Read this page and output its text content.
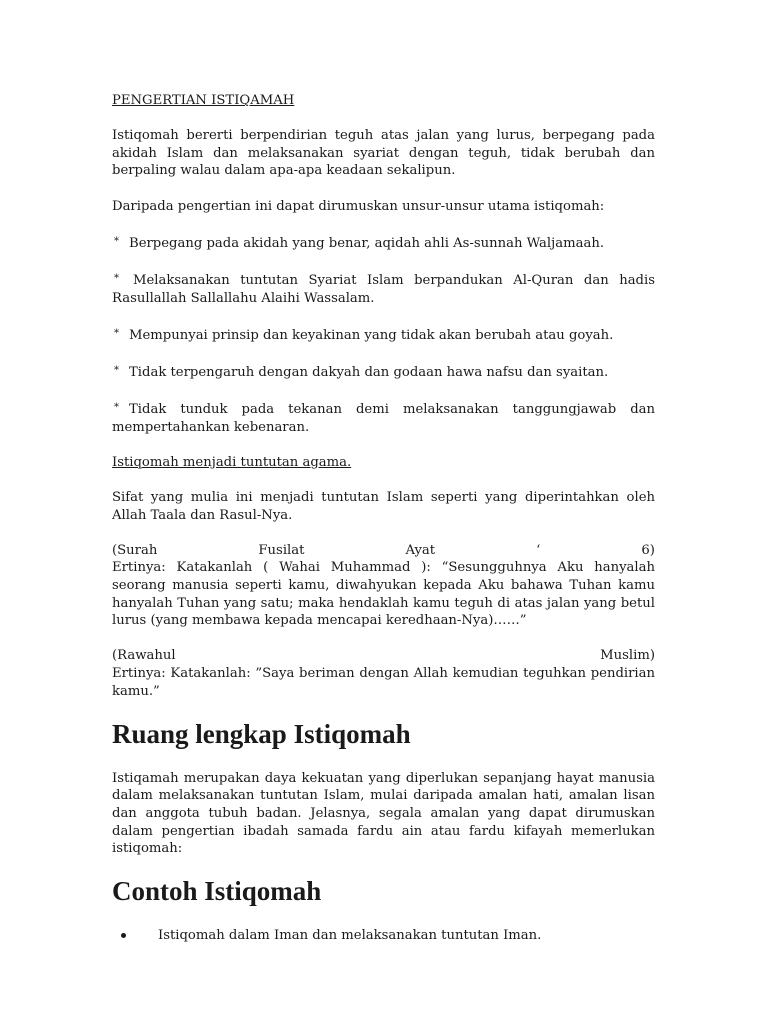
PENGERTIAN ISTIQAMAH

Istiqomah bererti berpendirian teguh atas jalan yang lurus, berpegang pada akidah Islam dan melaksanakan syariat dengan teguh, tidak berubah dan berpaling walau dalam apa-apa keadaan sekalipun.

Daripada pengertian ini dapat dirumuskan unsur-unsur utama istiqomah:

* Berpegang pada akidah yang benar, aqidah ahli As-sunnah Waljamaah.
* Melaksanakan tuntutan Syariat Islam berpandukan Al-Quran dan hadis Rasullallah Sallallahu Alaihi Wassalam.
* Mempunyai prinsip dan keyakinan yang tidak akan berubah atau goyah.
* Tidak terpengaruh dengan dakyah dan godaan hawa nafsu dan syaitan.
* Tidak tunduk pada tekanan demi melaksanakan tanggungjawab dan mempertahankan kebenaran.

Istiqomah menjadi tuntutan agama.

Sifat yang mulia ini menjadi tuntutan Islam seperti yang diperintahkan oleh Allah Taala dan Rasul-Nya.

(Surah	Fusilat	Ayat	‘	6)
Ertinya: Katakanlah ( Wahai Muhammad ): “Sesungguhnya Aku hanyalah seorang manusia seperti kamu, diwahyukan kepada Aku bahawa Tuhan kamu hanyalah Tuhan yang satu; maka hendaklah kamu teguh di atas jalan yang betul lurus (yang membawa kepada mencapai keredhaan-Nya)……”
(Rawahul	Muslim)
Ertinya: Katakanlah: ”Saya beriman dengan Allah kemudian teguhkan pendirian kamu.”
Ruang lengkap Istiqomah

Istiqamah merupakan daya kekuatan yang diperlukan sepanjang hayat manusia dalam melaksanakan tuntutan Islam, mulai daripada amalan hati, amalan lisan dan anggota tubuh badan. Jelasnya, segala amalan yang dapat dirumuskan dalam pengertian ibadah samada fardu ain atau fardu kifayah memerlukan istiqomah:

Contoh Istiqomah
Istiqomah dalam Iman dan melaksanakan tuntutan Iman.
